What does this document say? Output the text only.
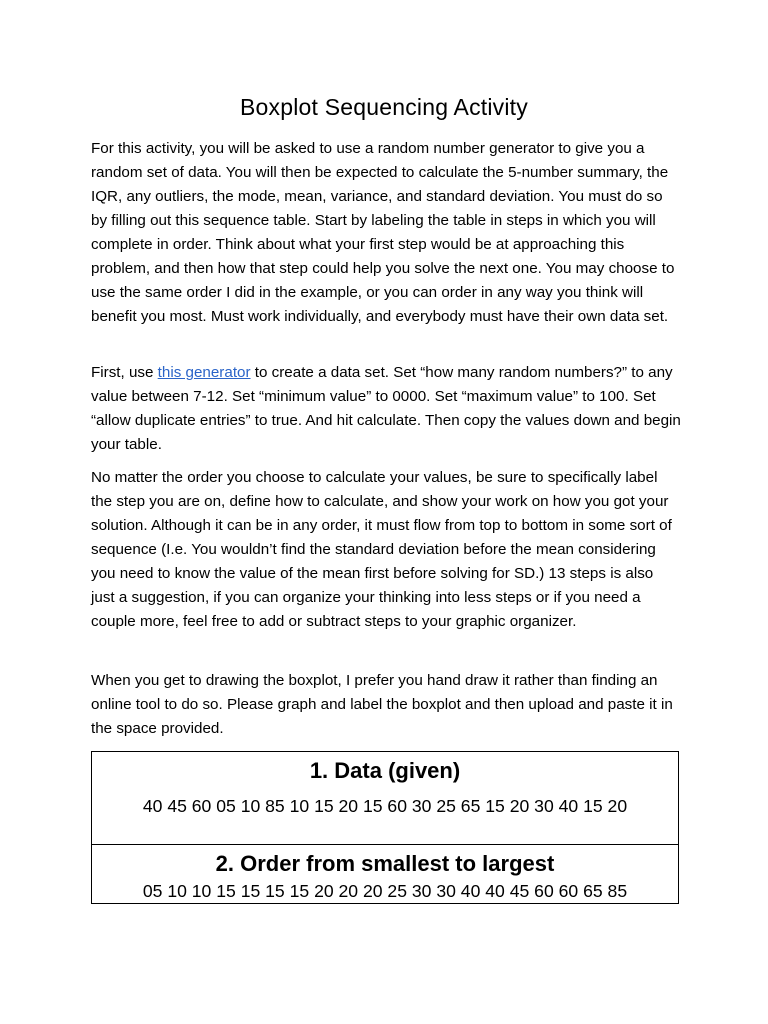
Boxplot Sequencing Activity

For this activity, you will be asked to use a random number generator to give you a random set of data. You will then be expected to calculate the 5-number summary, the IQR, any outliers, the mode, mean, variance, and standard deviation. You must do so by filling out this sequence table. Start by labeling the table in steps in which you will complete in order. Think about what your first step would be at approaching this problem, and then how that step could help you solve the next one. You may choose to use the same order I did in the example, or you can order in any way you think will benefit you most. Must work individually, and everybody must have their own data set.

First, use this generator to create a data set. Set “how many random numbers?” to any value between 7-12. Set “minimum value” to 0000. Set “maximum value” to 100. Set “allow duplicate entries” to true. And hit calculate. Then copy the values down and begin your table.

No matter the order you choose to calculate your values, be sure to specifically label the step you are on, define how to calculate, and show your work on how you got your solution. Although it can be in any order, it must flow from top to bottom in some sort of sequence (I.e. You wouldn’t find the standard deviation before the mean considering you need to know the value of the mean first before solving for SD.) 13 steps is also just a suggestion, if you can organize your thinking into less steps or if you need a couple more, feel free to add or subtract steps to your graphic organizer.

When you get to drawing the boxplot, I prefer you hand draw it rather than finding an online tool to do so. Please graph and label the boxplot and then upload and paste it in the space provided.

1. Data (given)
40 45 60 05 10 85 10 15 20 15 60 30 25 65 15 20 30 40 15 20

2. Order from smallest to largest
05 10 10 15 15 15 15 20 20 20 25 30 30 40 40 45 60 60 65 85
